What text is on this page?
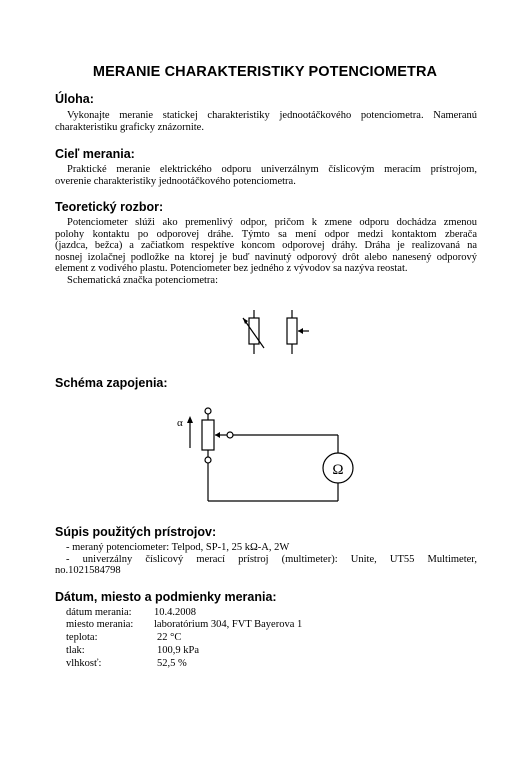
MERANIE CHARAKTERISTIKY POTENCIOMETRA
Úloha:
Vykonajte meranie statickej charakteristiky jednootáčkového potenciometra. Nameranú
charakteristiku graficky znázornite.
Cieľ merania:
Praktické meranie elektrického odporu univerzálnym číslicovým meracím prístrojom,
overenie charakteristiky jednootáčkového potenciometra.
Teoretický rozbor:
Potenciometer slúži ako premenlivý odpor, pričom k zmene odporu dochádza zmenou
polohy kontaktu po odporovej dráhe. Týmto sa mení odpor medzi kontaktom zberača
(jazdca, bežca) a začiatkom respektíve koncom odporovej dráhy. Dráha je realizovaná na
nosnej izolačnej podložke na ktorej je buď navinutý odporový drôt alebo nanesený odporový
element z vodivého plastu. Potenciometer bez jedného z vývodov sa nazýva reostat.
Schematická značka potenciometra:
Schéma zapojenia:
α
Ω
Súpis použitých prístrojov:
- meraný potenciometer: Telpod, SP-1, 25 kΩ-A, 2W
- univerzálny číslicový merací prístroj (multimeter): Unite, UT55 Multimeter,
no.1021584798
Dátum, miesto a podmienky merania:
dátum merania: 10.4.2008
miesto merania: laboratórium 304, FVT Bayerova 1
teplota:	22 °C
tlak:	100,9 kPa
vlhkosť:	52,5 %
